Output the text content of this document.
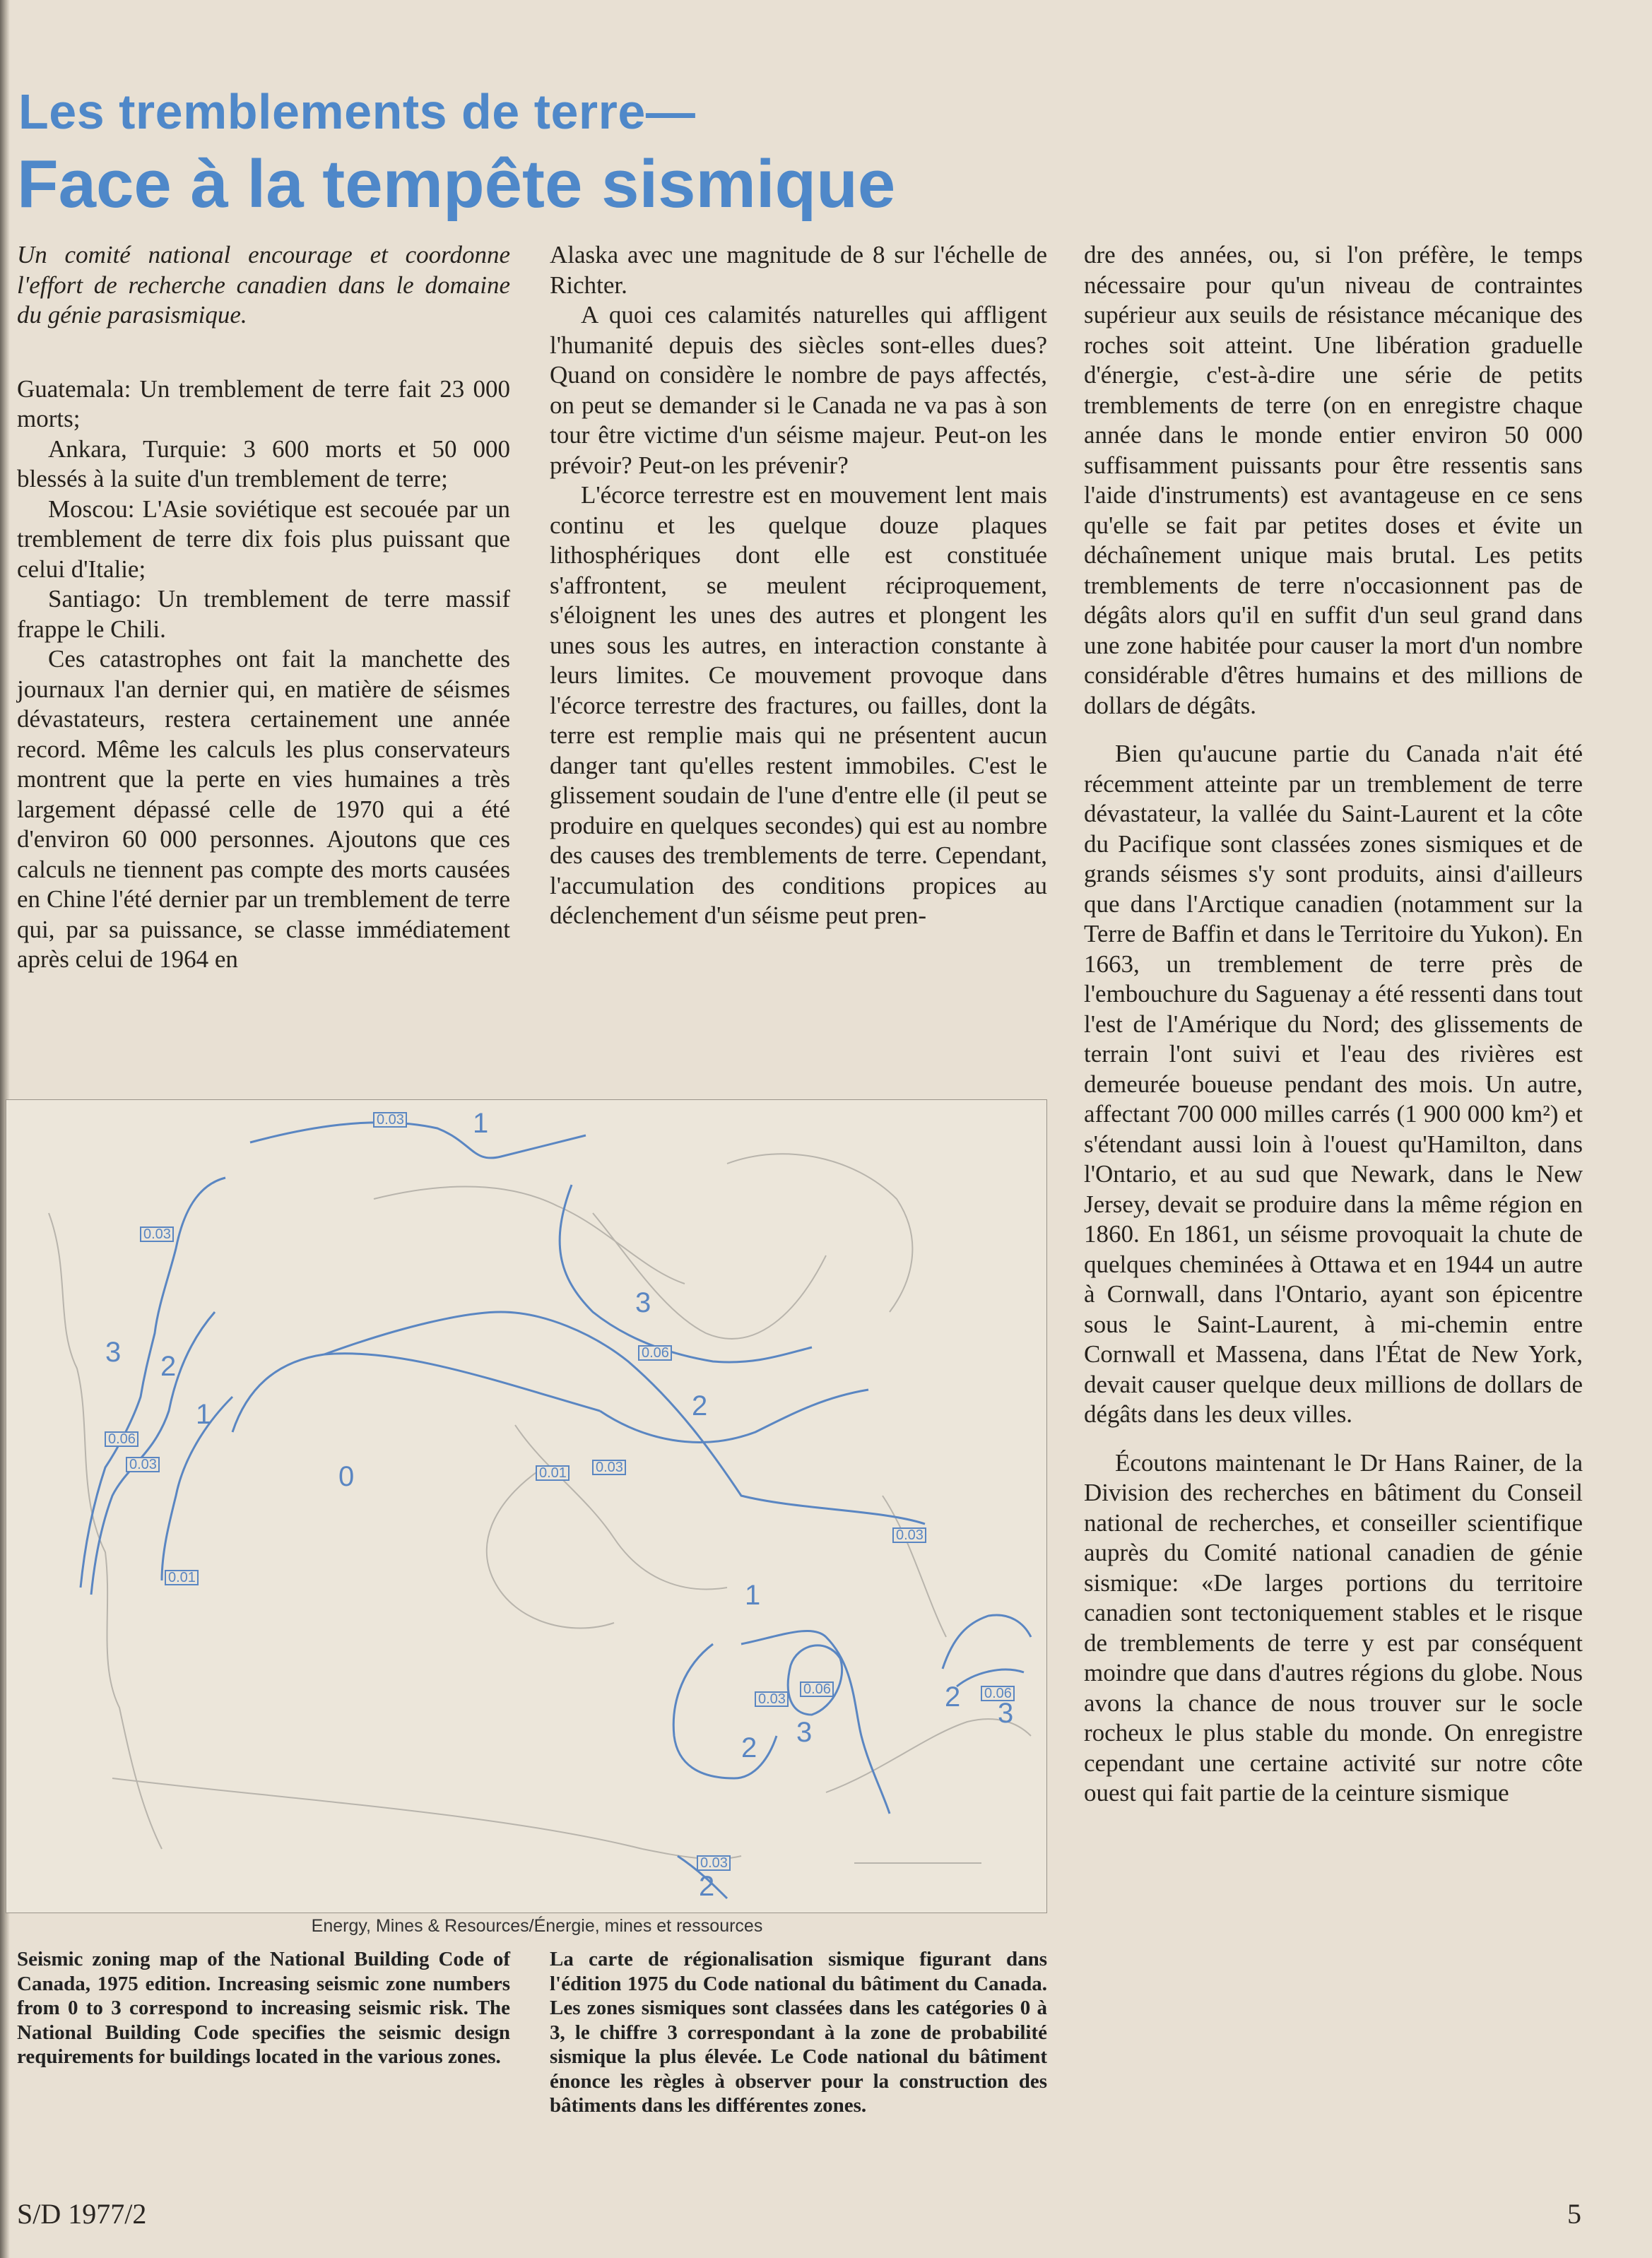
Les tremblements de terre—
Face à la tempête sismique

Un comité national encourage et coordonne l'effort de recherche canadien dans le domaine du génie parasismique.

Guatemala: Un tremblement de terre fait 23 000 morts;

Ankara, Turquie: 3 600 morts et 50 000 blessés à la suite d'un tremblement de terre;

Moscou: L'Asie soviétique est secouée par un tremblement de terre dix fois plus puissant que celui d'Italie;

Santiago: Un tremblement de terre massif frappe le Chili.

Ces catastrophes ont fait la manchette des journaux l'an dernier qui, en matière de séismes dévastateurs, restera certainement une année record. Même les calculs les plus conservateurs montrent que la perte en vies humaines a très largement dépassé celle de 1970 qui a été d'environ 60 000 personnes. Ajoutons que ces calculs ne tiennent pas compte des morts causées en Chine l'été dernier par un tremblement de terre qui, par sa puissance, se classe immédiatement après celui de 1964 en

Alaska avec une magnitude de 8 sur l'échelle de Richter.

A quoi ces calamités naturelles qui affligent l'humanité depuis des siècles sont-elles dues? Quand on considère le nombre de pays affectés, on peut se demander si le Canada ne va pas à son tour être victime d'un séisme majeur. Peut-on les prévoir? Peut-on les prévenir?

L'écorce terrestre est en mouvement lent mais continu et les quelque douze plaques lithosphériques dont elle est constituée s'affrontent, se meulent réciproquement, s'éloignent les unes des autres et plongent les unes sous les autres, en interaction constante à leurs limites. Ce mouvement provoque dans l'écorce terrestre des fractures, ou failles, dont la terre est remplie mais qui ne présentent aucun danger tant qu'elles restent immobiles. C'est le glissement soudain de l'une d'entre elle (il peut se produire en quelques secondes) qui est au nombre des causes des tremblements de terre. Cependant, l'accumulation des conditions propices au déclenchement d'un séisme peut pren-

dre des années, ou, si l'on préfère, le temps nécessaire pour qu'un niveau de contraintes supérieur aux seuils de résistance mécanique des roches soit atteint. Une libération graduelle d'énergie, c'est-à-dire une série de petits tremblements de terre (on en enregistre chaque année dans le monde entier environ 50 000 suffisamment puissants pour être ressentis sans l'aide d'instruments) est avantageuse en ce sens qu'elle se fait par petites doses et évite un déchaînement unique mais brutal. Les petits tremblements de terre n'occasionnent pas de dégâts alors qu'il en suffit d'un seul grand dans une zone habitée pour causer la mort d'un nombre considérable d'êtres humains et des millions de dollars de dégâts.

Bien qu'aucune partie du Canada n'ait été récemment atteinte par un tremblement de terre dévastateur, la vallée du Saint-Laurent et la côte du Pacifique sont classées zones sismiques et de grands séismes s'y sont produits, ainsi d'ailleurs que dans l'Arctique canadien (notamment sur la Terre de Baffin et dans le Territoire du Yukon). En 1663, un tremblement de terre près de l'embouchure du Saguenay a été ressenti dans tout l'est de l'Amérique du Nord; des glissements de terrain l'ont suivi et l'eau des rivières est demeurée boueuse pendant des mois. Un autre, affectant 700 000 milles carrés (1 900 000 km²) et s'étendant aussi loin à l'ouest qu'Hamilton, dans l'Ontario, et au sud que Newark, dans le New Jersey, devait se produire dans la même région en 1860. En 1861, un séisme provoquait la chute de quelques cheminées à Ottawa et en 1944 un autre à Cornwall, dans l'Ontario, ayant son épicentre sous le Saint-Laurent, à mi-chemin entre Cornwall et Massena, dans l'État de New York, devait causer quelque deux millions de dollars de dégâts dans les deux villes.

Écoutons maintenant le Dr Hans Rainer, de la Division des recherches en bâtiment du Conseil national de recherches, et conseiller scientifique auprès du Comité national canadien de génie sismique: «De larges portions du territoire canadien sont tectoniquement stables et le risque de tremblements de terre y est par conséquent moindre que dans d'autres régions du globe. Nous avons la chance de nous trouver sur le socle rocheux le plus stable du monde. On enregistre cependant une certaine activité sur notre côte ouest qui fait partie de la ceinture sismique

0.03
0.03
0.06
0.03
0.01
0.01 0.03
0.06
0.03
0.03
0.06	0.06
0.03
1
3 2
1
0
3
2
1
2 3
2
3
2
Energy, Mines & Resources/Énergie, mines et ressources
Seismic zoning map of the National Building Code of Canada, 1975 edition. Increasing seismic zone numbers from 0 to 3 correspond to increasing seismic risk. The National Building Code specifies the seismic design requirements for buildings located in the various zones.
La carte de régionalisation sismique figurant dans l'édition 1975 du Code national du bâtiment du Canada. Les zones sismiques sont classées dans les catégories 0 à 3, le chiffre 3 correspondant à la zone de probabilité sismique la plus élevée. Le Code national du bâtiment énonce les règles à observer pour la construction des bâtiments dans les différentes zones.
S/D 1977/2	5
